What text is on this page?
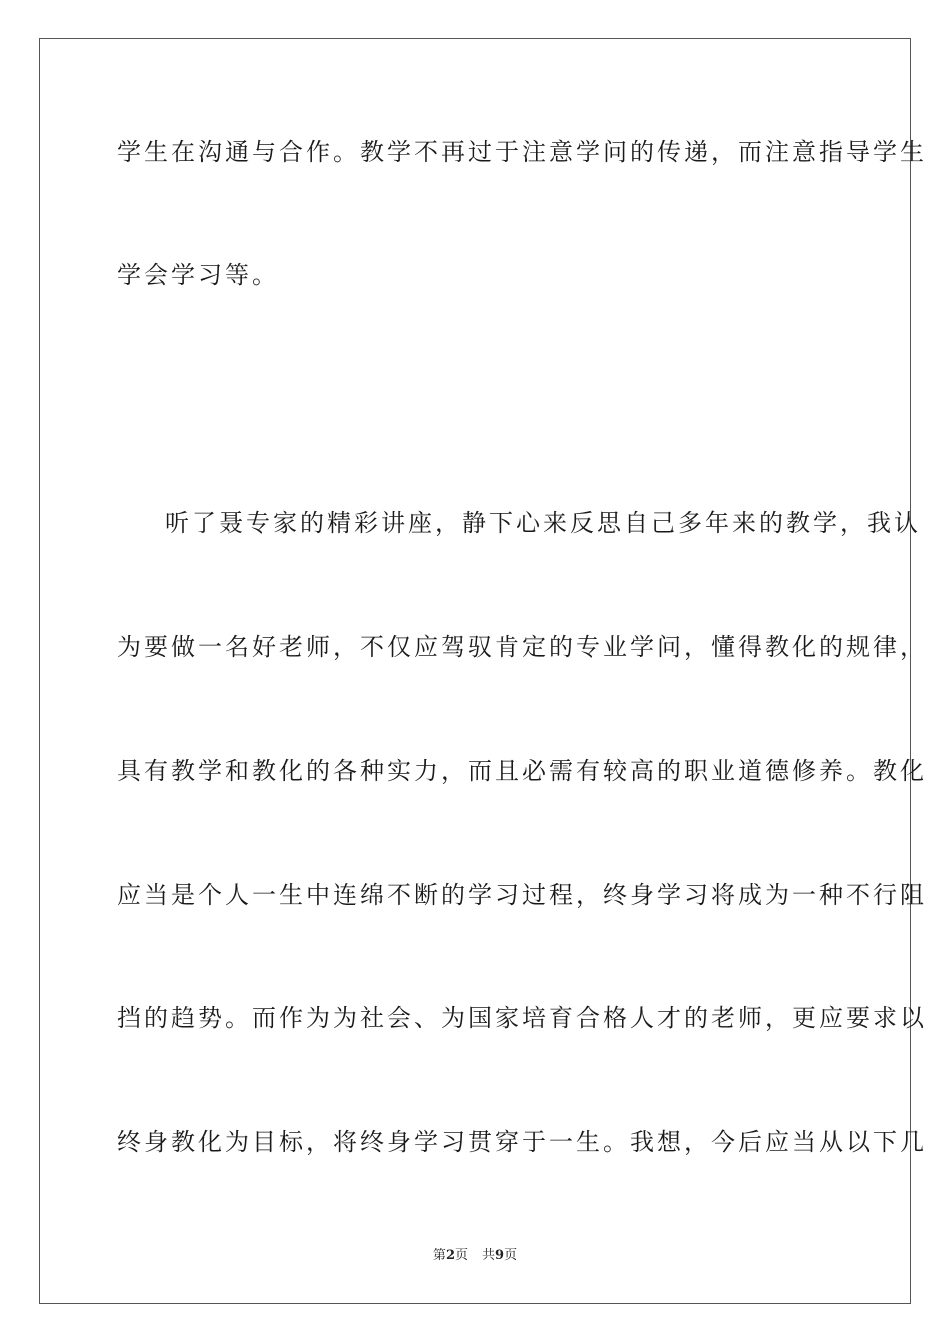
学生在沟通与合作。教学不再过于注意学问的传递，而注意指导学生
学会学习等。
听了聂专家的精彩讲座，静下心来反思自己多年来的教学，我认
为要做一名好老师，不仅应驾驭肯定的专业学问，懂得教化的规律，
具有教学和教化的各种实力，而且必需有较高的职业道德修养。教化
应当是个人一生中连绵不断的学习过程，终身学习将成为一种不行阻
挡的趋势。而作为为社会、为国家培育合格人才的老师，更应要求以
终身教化为目标，将终身学习贯穿于一生。我想，今后应当从以下几
第2页 共9页
